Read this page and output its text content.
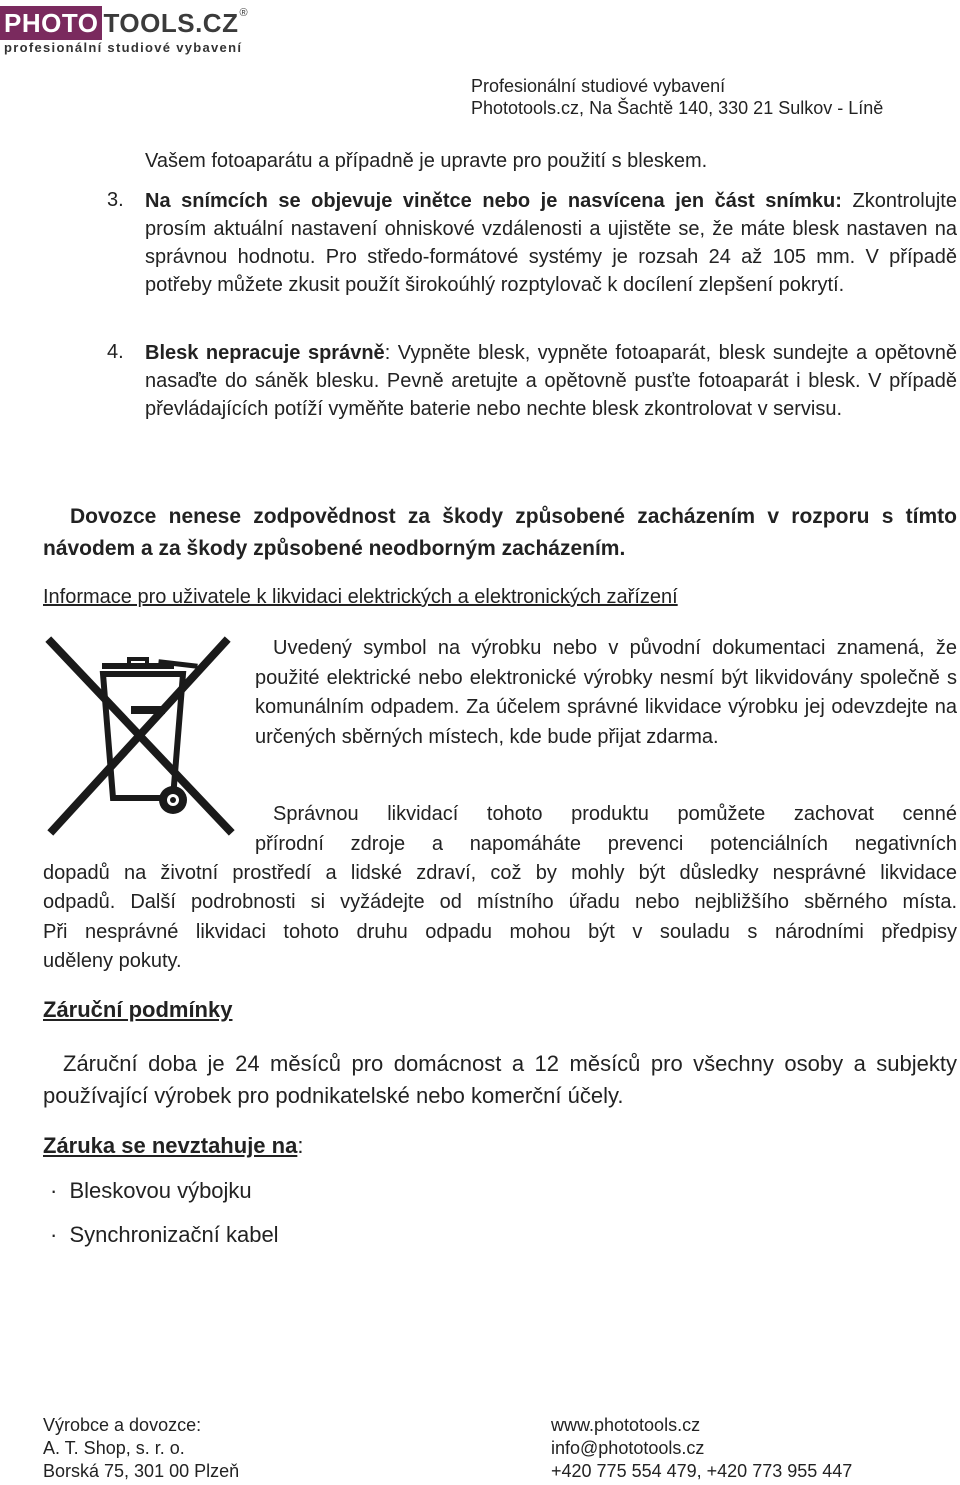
PHOTO TOOLS.CZ ®
profesionální studiové vybavení
Profesionální studiové vybavení
Phototools.cz, Na Šachtě 140, 330 21 Sulkov - Líně
Vašem fotoaparátu a případně je upravte pro použití s bleskem.
3. Na snímcích se objevuje vinětce nebo je nasvícena jen část snímku: Zkontrolujte prosím aktuální nastavení ohniskové vzdálenosti a ujistěte se, že máte blesk nastaven na správnou hodnotu. Pro středo-formátové systémy je rozsah 24 až 105 mm. V případě potřeby můžete zkusit použít širokoúhlý rozptylovač k docílení zlepšení pokrytí.

4. Blesk nepracuje správně: Vypněte blesk, vypněte fotoaparát, blesk sundejte a opětovně nasaďte do sáněk blesku. Pevně aretujte a opětovně pusťte fotoaparát i blesk. V případě převládajících potíží vyměňte baterie nebo nechte blesk zkontrolovat v servisu.

Dovozce nenese zodpovědnost za škody způsobené zacházením v rozporu s tímto návodem a za škody způsobené neodborným zacházením.

Informace pro uživatele k likvidaci elektrických a elektronických zařízení

Uvedený symbol na výrobku nebo v původní dokumentaci znamená, že použité elektrické nebo elektronické výrobky nesmí být likvidovány společně s komunálním odpadem. Za účelem správné likvidace výrobku jej odevzdejte na určených sběrných místech, kde bude přijat zdarma.

Správnou likvidací tohoto produktu pomůžete zachovat cenné
přírodní zdroje a napomáháte prevenci potenciálních negativních
dopadů na životní prostředí a lidské zdraví, což by mohly být důsledky nesprávné likvidace
odpadů. Další podrobnosti si vyžádejte od místního úřadu nebo nejbližšího sběrného místa.
Při nesprávné likvidaci tohoto druhu odpadu mohou být v souladu s národními předpisy
uděleny pokuty.
Záruční podmínky

Záruční doba je 24 měsíců pro domácnost a 12 měsíců pro všechny osoby a subjekty používající výrobek pro podnikatelské nebo komerční účely.

Záruka se nevztahuje na:
· Bleskovou výbojku
· Synchronizační kabel
Výrobce a dovozce:
A. T. Shop, s. r. o.
Borská 75, 301 00 Plzeň
www.phototools.cz
info@phototools.cz
+420 775 554 479, +420 773 955 447
